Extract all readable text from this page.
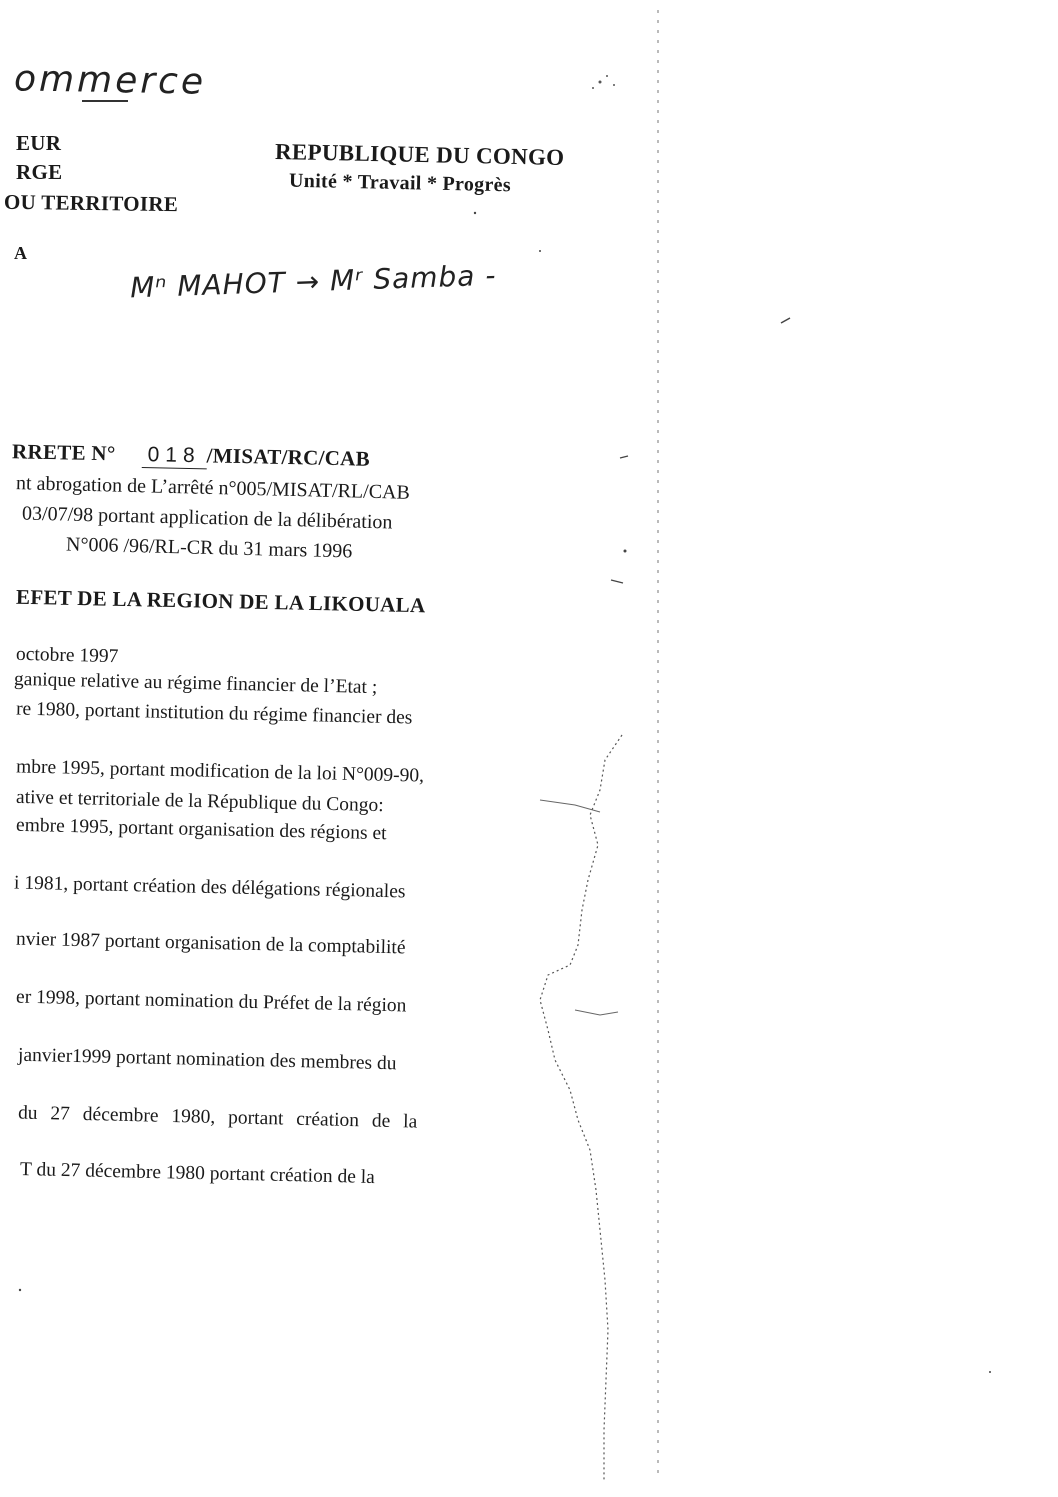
ommerce
Mⁿ MAHOT → Mʳ Samba -
EUR
RGE
OU TERRITOIRE
A
REPUBLIQUE DU CONGO
Unité * Travail * Progrès
RRETE N° 018 /MISAT/RC/CAB
nt abrogation de L’arrêté n°005/MISAT/RL/CAB
03/07/98 portant application de la délibération
N°006 /96/RL-CR du 31 mars 1996
EFET DE LA REGION DE LA LIKOUALA
octobre 1997
ganique relative au régime financier de l’Etat ;
re 1980, portant institution du régime financier des
mbre 1995, portant modification de la loi N°009-90,
ative et territoriale de la République du Congo:
embre 1995, portant organisation des régions et
i 1981, portant création des délégations régionales
nvier 1987 portant organisation de la comptabilité
er 1998, portant nomination du Préfet de la région
janvier1999 portant nomination des membres du
du 27 décembre 1980, portant création de la
T du 27 décembre 1980 portant création de la
